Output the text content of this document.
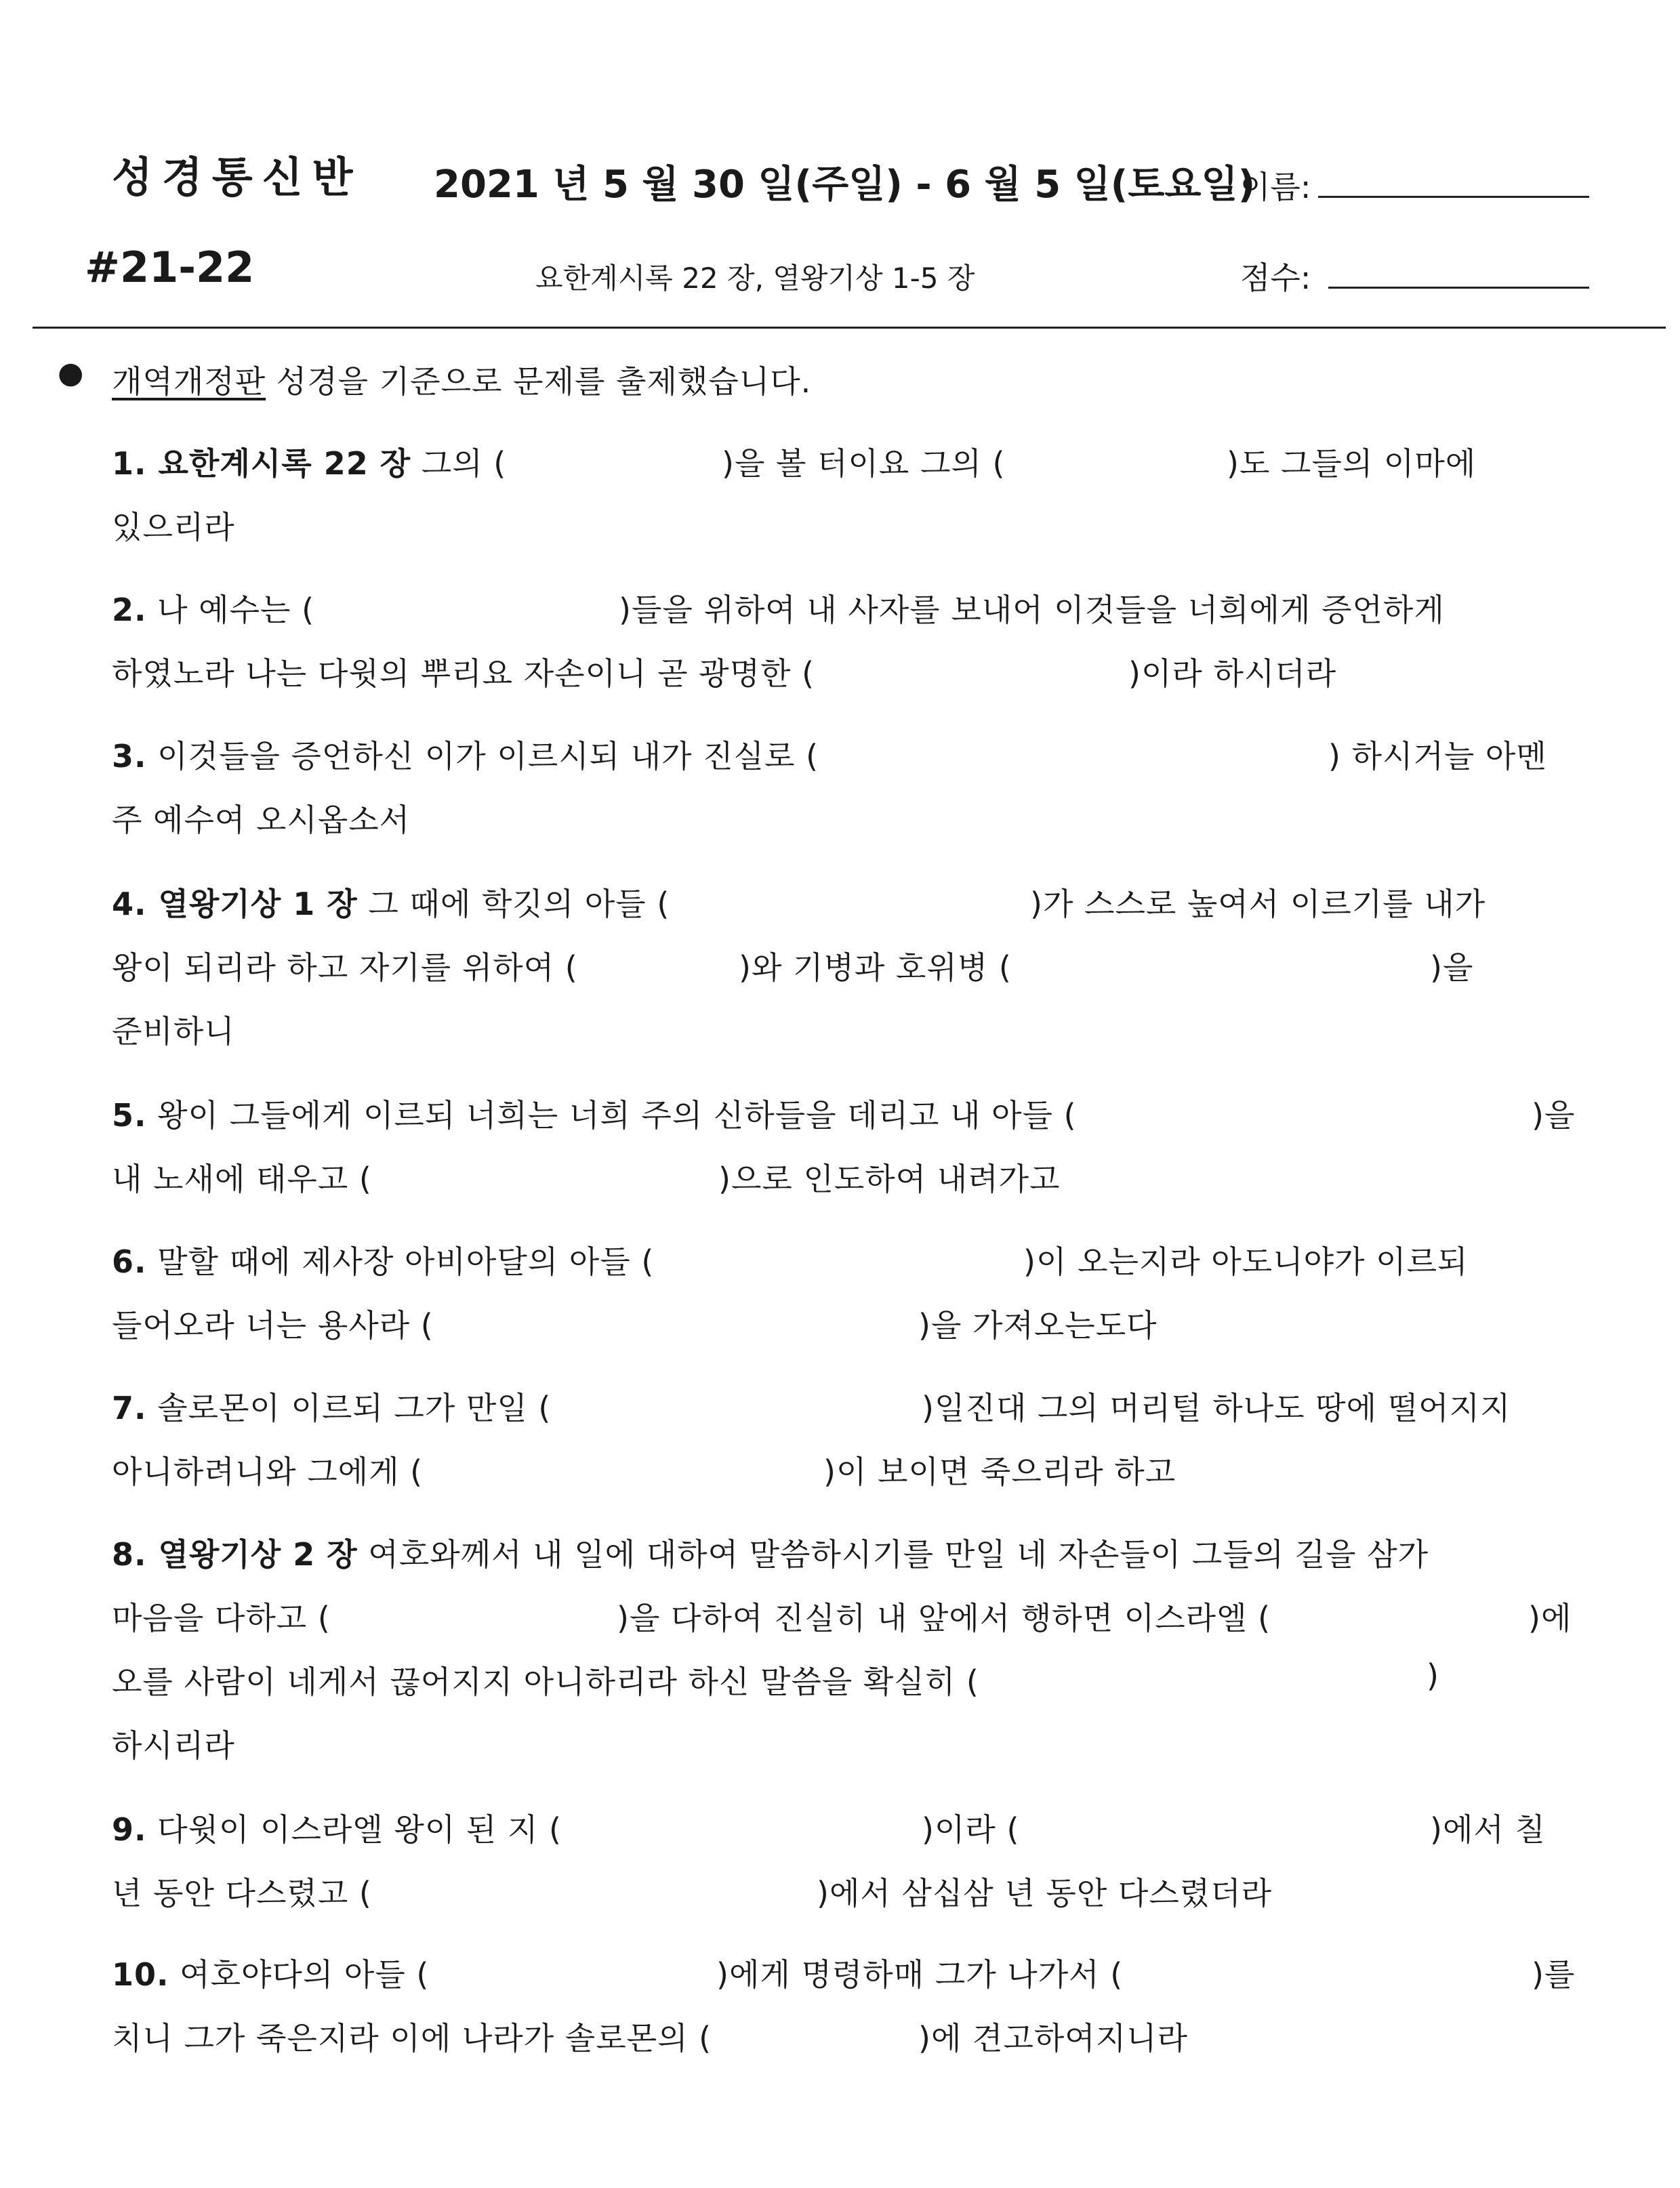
성경통신반 2021 년 5 월 30 일(주일) - 6 월 5 일(토요일)
이름:
#21-22	요한계시록 22 장, 열왕기상 1-5 장	점수:
● 개역개정판 성경을 기준으로 문제를 출제했습니다.
1. 요한계시록 22 장 그의 (	)을 볼 터이요 그의 (	)도 그들의 이마에
있으리라
2. 나 예수는 (	)들을 위하여 내 사자를 보내어 이것들을 너희에게 증언하게
하였노라 나는 다윗의 뿌리요 자손이니 곧 광명한 (	)이라 하시더라
3. 이것들을 증언하신 이가 이르시되 내가 진실로 (	) 하시거늘 아멘
주 예수여 오시옵소서
4. 열왕기상 1 장 그 때에 학깃의 아들 (	)가 스스로 높여서 이르기를 내가
왕이 되리라 하고 자기를 위하여 (	)와 기병과 호위병 (	)을
준비하니
5. 왕이 그들에게 이르되 너희는 너희 주의 신하들을 데리고 내 아들 (	)을
내 노새에 태우고 (	)으로 인도하여 내려가고
6. 말할 때에 제사장 아비아달의 아들 (	)이 오는지라 아도니야가 이르되
들어오라 너는 용사라 (	)을 가져오는도다
7. 솔로몬이 이르되 그가 만일 (	)일진대 그의 머리털 하나도 땅에 떨어지지
아니하려니와 그에게 (	)이 보이면 죽으리라 하고
8. 열왕기상 2 장 여호와께서 내 일에 대하여 말씀하시기를 만일 네 자손들이 그들의 길을 삼가
마음을 다하고 (	)을 다하여 진실히 내 앞에서 행하면 이스라엘 (	)에
오를 사람이 네게서 끊어지지 아니하리라 하신 말씀을 확실히 (	)
하시리라
9. 다윗이 이스라엘 왕이 된 지 (	)이라 (	)에서 칠
년 동안 다스렸고 (	)에서 삼십삼 년 동안 다스렸더라
10. 여호야다의 아들 (	)에게 명령하매 그가 나가서 (	)를
치니 그가 죽은지라 이에 나라가 솔로몬의 (	)에 견고하여지니라
